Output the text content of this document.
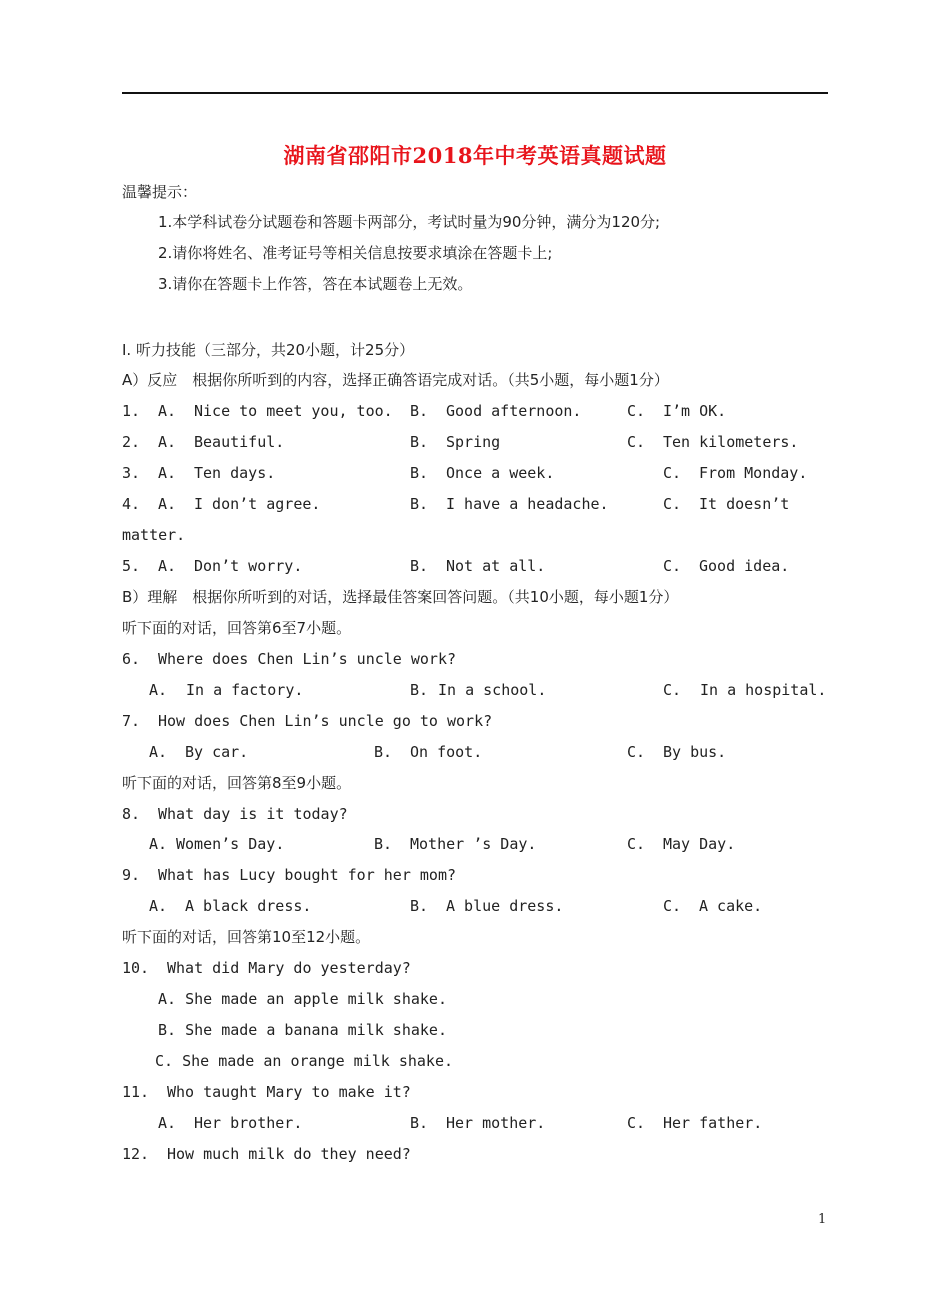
湖南省邵阳市2018年中考英语真题试题
温馨提示：
1.本学科试卷分试题卷和答题卡两部分，考试时量为90分钟，满分为120分;
2.请你将姓名、准考证号等相关信息按要求填涂在答题卡上;
3.请你在答题卡上作答，答在本试题卷上无效。
Ⅰ. 听力技能（三部分，共20小题，计25分）
A）反应　根据你所听到的内容，选择正确答语完成对话。（共5小题，每小题1分）
1. A. Nice to meet you, too. B. Good afternoon.	C. I’m OK.
2. A. Beautiful.	B. Spring	C. Ten kilometers.
3. A. Ten days.	B. Once a week.	C. From Monday.
4. A. I don’t agree.	B. I have a headache.	C. It doesn’t
matter.
5. A. Don’t worry.	B. Not at all.	C. Good idea.
B）理解　根据你所听到的对话，选择最佳答案回答问题。（共10小题，每小题1分）
听下面的对话，回答第6至7小题。
6. Where does Chen Lin’s uncle work?
A. In a factory.	B. In a school.	C. In a hospital.
7. How does Chen Lin’s uncle go to work?
A. By car.	B. On foot.	C. By bus.
听下面的对话，回答第8至9小题。
8. What day is it today?
A. Women’s Day.	B. Mother ’s Day.	C. May Day.
9. What has Lucy bought for her mom?
A. A black dress.	B. A blue dress.	C. A cake.
听下面的对话，回答第10至12小题。
10. What did Mary do yesterday?
A. She made an apple milk shake.
B. She made a banana milk shake.
C. She made an orange milk shake.
11. Who taught Mary to make it?
A. Her brother.	B. Her mother.	C. Her father.
12. How much milk do they need?
1
